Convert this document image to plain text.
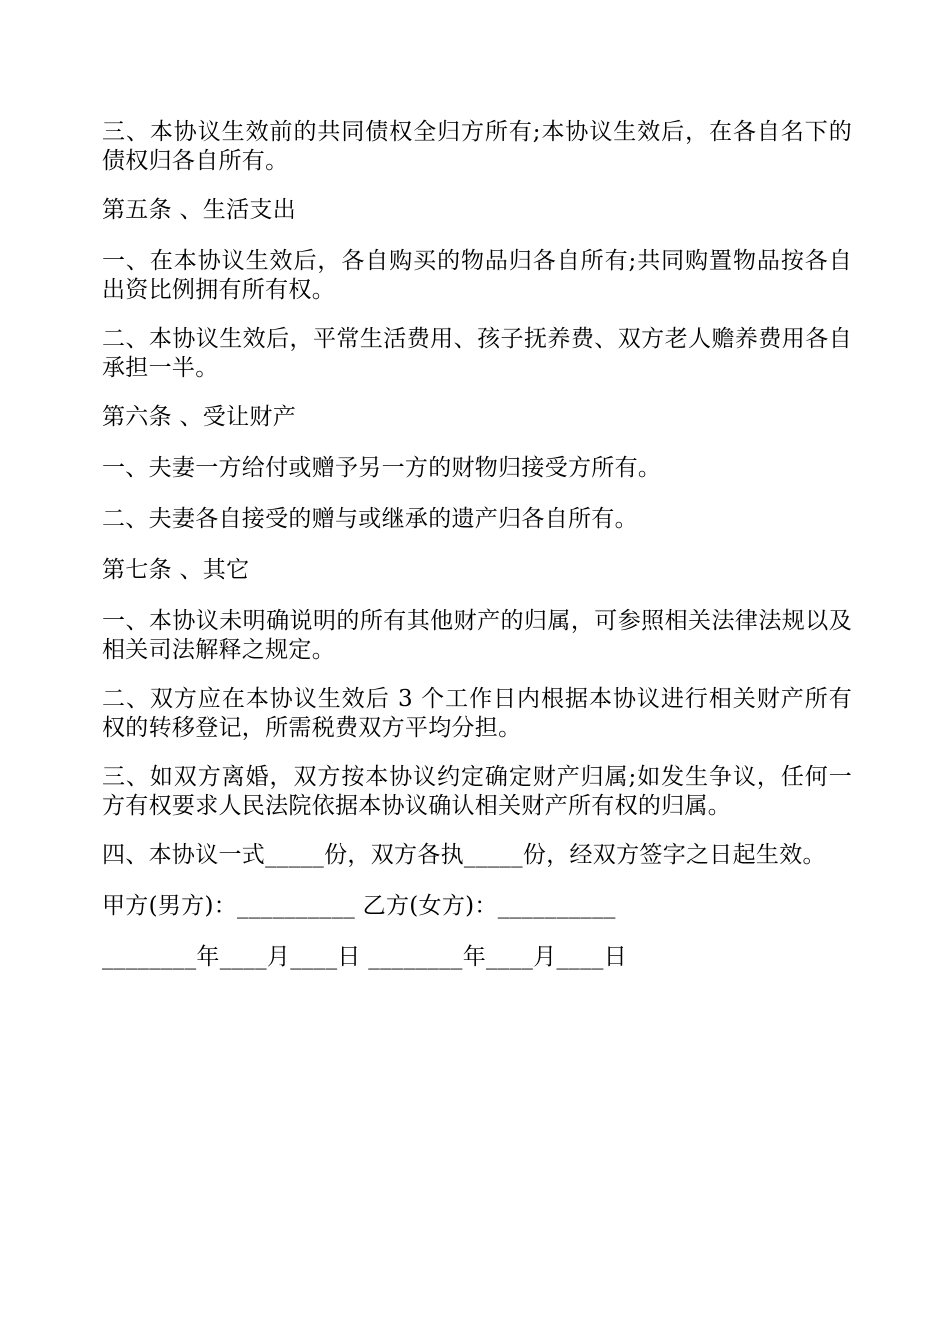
三、本协议生效前的共同债权全归方所有;本协议生效后，在各自名下的债权归各自所有。

第五条 、生活支出

一、在本协议生效后，各自购买的物品归各自所有;共同购置物品按各自出资比例拥有所有权。

二、本协议生效后，平常生活费用、孩子抚养费、双方老人赡养费用各自承担一半。

第六条 、受让财产

一、夫妻一方给付或赠予另一方的财物归接受方所有。

二、夫妻各自接受的赠与或继承的遗产归各自所有。

第七条 、其它

一、本协议未明确说明的所有其他财产的归属，可参照相关法律法规以及相关司法解释之规定。

二、双方应在本协议生效后 3 个工作日内根据本协议进行相关财产所有权的转移登记，所需税费双方平均分担。

三、如双方离婚，双方按本协议约定确定财产归属;如发生争议，任何一方有权要求人民法院依据本协议确认相关财产所有权的归属。

四、本协议一式_____份，双方各执_____份，经双方签字之日起生效。

甲方(男方)：__________ 乙方(女方)：__________

________年____月____日 ________年____月____日
